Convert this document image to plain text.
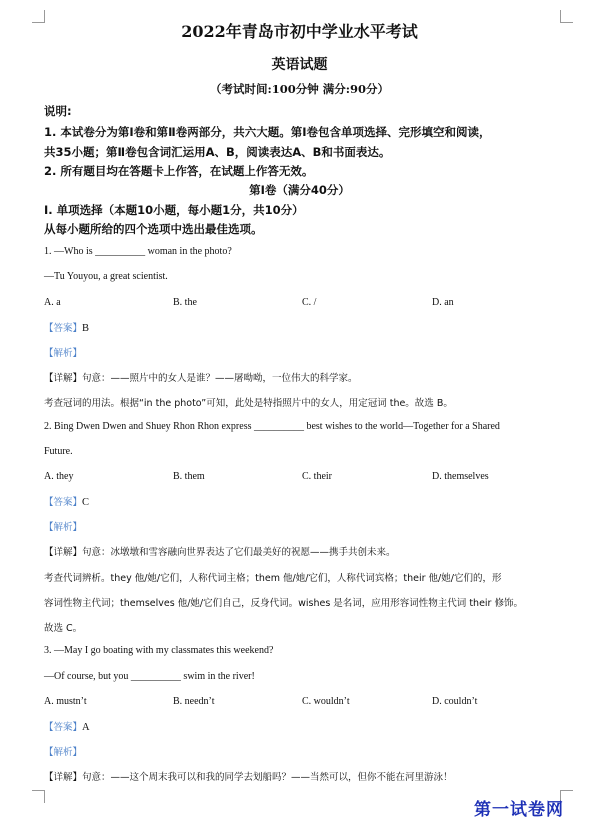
2022年青岛市初中学业水平考试
英语试题
（考试时间:100分钟 满分:90分）
说明:
1. 本试卷分为第Ⅰ卷和第Ⅱ卷两部分，共六大题。第Ⅰ卷包含单项选择、完形填空和阅读，
共35小题；第Ⅱ卷包含词汇运用A、B，阅读表达A、B和书面表达。
2. 所有题目均在答题卡上作答，在试题上作答无效。
第Ⅰ卷（满分40分）
I. 单项选择（本题10小题，每小题1分，共10分）
从每小题所给的四个选项中选出最佳选项。
1. —Who is __________ woman in the photo?
—Tu Youyou, a great scientist.
A. a	B. the	C. /	D. an
【答案】B
【解析】
【详解】句意：——照片中的女人是谁？——屠呦呦，一位伟大的科学家。
考查冠词的用法。根据“in the photo”可知，此处是特指照片中的女人，用定冠词 the。故选 B。
2. Bing Dwen Dwen and Shuey Rhon Rhon express __________ best wishes to the world—Together for a Shared
Future.
A. they	B. them	C. their	D. themselves
【答案】C
【解析】
【详解】句意：冰墩墩和雪容融向世界表达了它们最美好的祝愿——携手共创未来。
考查代词辨析。they 他/她/它们，人称代词主格；them 他/她/它们，人称代词宾格；their 他/她/它们的，形
容词性物主代词；themselves 他/她/它们自己，反身代词。wishes 是名词，应用形容词性物主代词 their 修饰。
故选 C。
3. —May I go boating with my classmates this weekend?
—Of course, but you __________ swim in the river!
A. mustn’t	B. needn’t	C. wouldn’t	D. couldn’t
【答案】A
【解析】
【详解】句意：——这个周末我可以和我的同学去划船吗？——当然可以，但你不能在河里游泳！
第一试卷网
